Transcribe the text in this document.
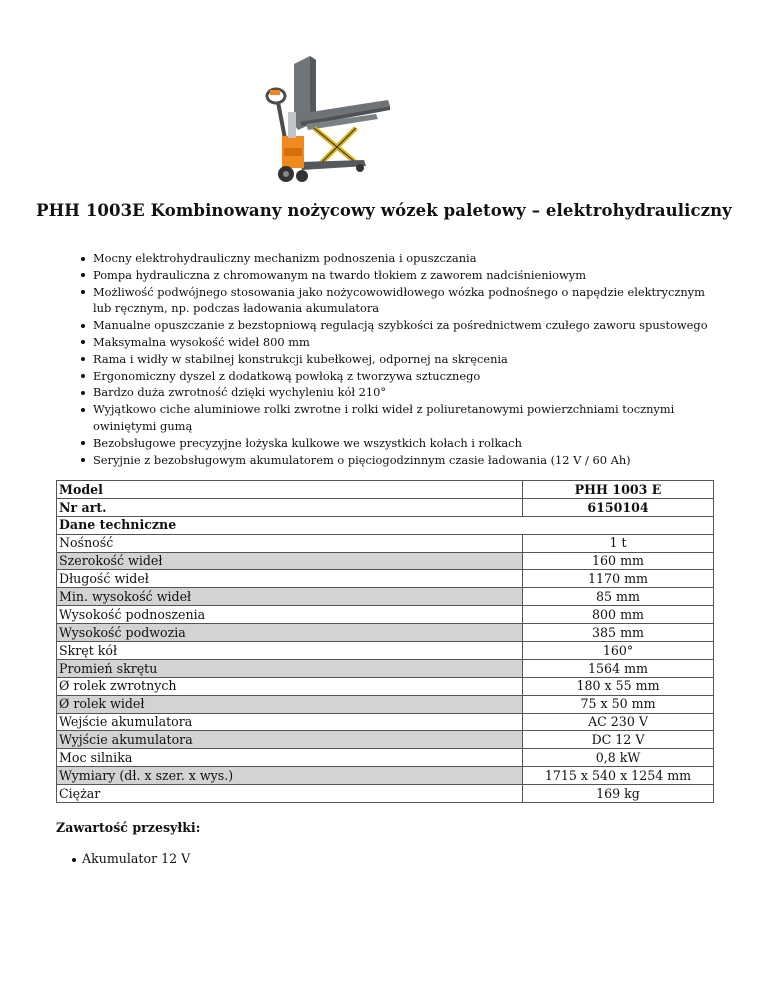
PHH 1003E Kombinowany nożycowy wózek paletowy – elektrohydrauliczny
Mocny elektrohydrauliczny mechanizm podnoszenia i opuszczania
Pompa hydrauliczna z chromowanym na twardo tłokiem z zaworem nadciśnieniowym
Możliwość podwójnego stosowania jako nożycowowidłowego wózka podnośnego o napędzie elektrycznym lub ręcznym, np. podczas ładowania akumulatora
Manualne opuszczanie z bezstopniową regulacją szybkości za pośrednictwem czułego zaworu spustowego
Maksymalna wysokość wideł 800 mm
Rama i widły w stabilnej konstrukcji kubełkowej, odpornej na skręcenia
Ergonomiczny dyszel z dodatkową powłoką z tworzywa sztucznego
Bardzo duża zwrotność dzięki wychyleniu kół 210°
Wyjątkowo ciche aluminiowe rolki zwrotne i rolki wideł z poliuretanowymi powierzchniami tocznymi owiniętymi gumą
Bezobsługowe precyzyjne łożyska kulkowe we wszystkich kołach i rolkach
Seryjnie z bezobsługowym akumulatorem o pięciogodzinnym czasie ładowania (12 V / 60 Ah)
Model	PHH 1003 E
Nr art.	6150104
Dane techniczne	
Nośność	1 t
Szerokość wideł	160 mm
Długość wideł	1170 mm
Min. wysokość wideł	85 mm
Wysokość podnoszenia	800 mm
Wysokość podwozia	385 mm
Skręt kół	160°
Promień skrętu	1564 mm
Ø rolek zwrotnych	180 x 55 mm
Ø rolek wideł	75 x 50 mm
Wejście akumulatora	AC 230 V
Wyjście akumulatora	DC 12 V
Moc silnika	0,8 kW
Wymiary (dł. x szer. x wys.)	1715 x 540 x 1254 mm
Ciężar	169 kg
Zawartość przesyłki:
Akumulator 12 V
